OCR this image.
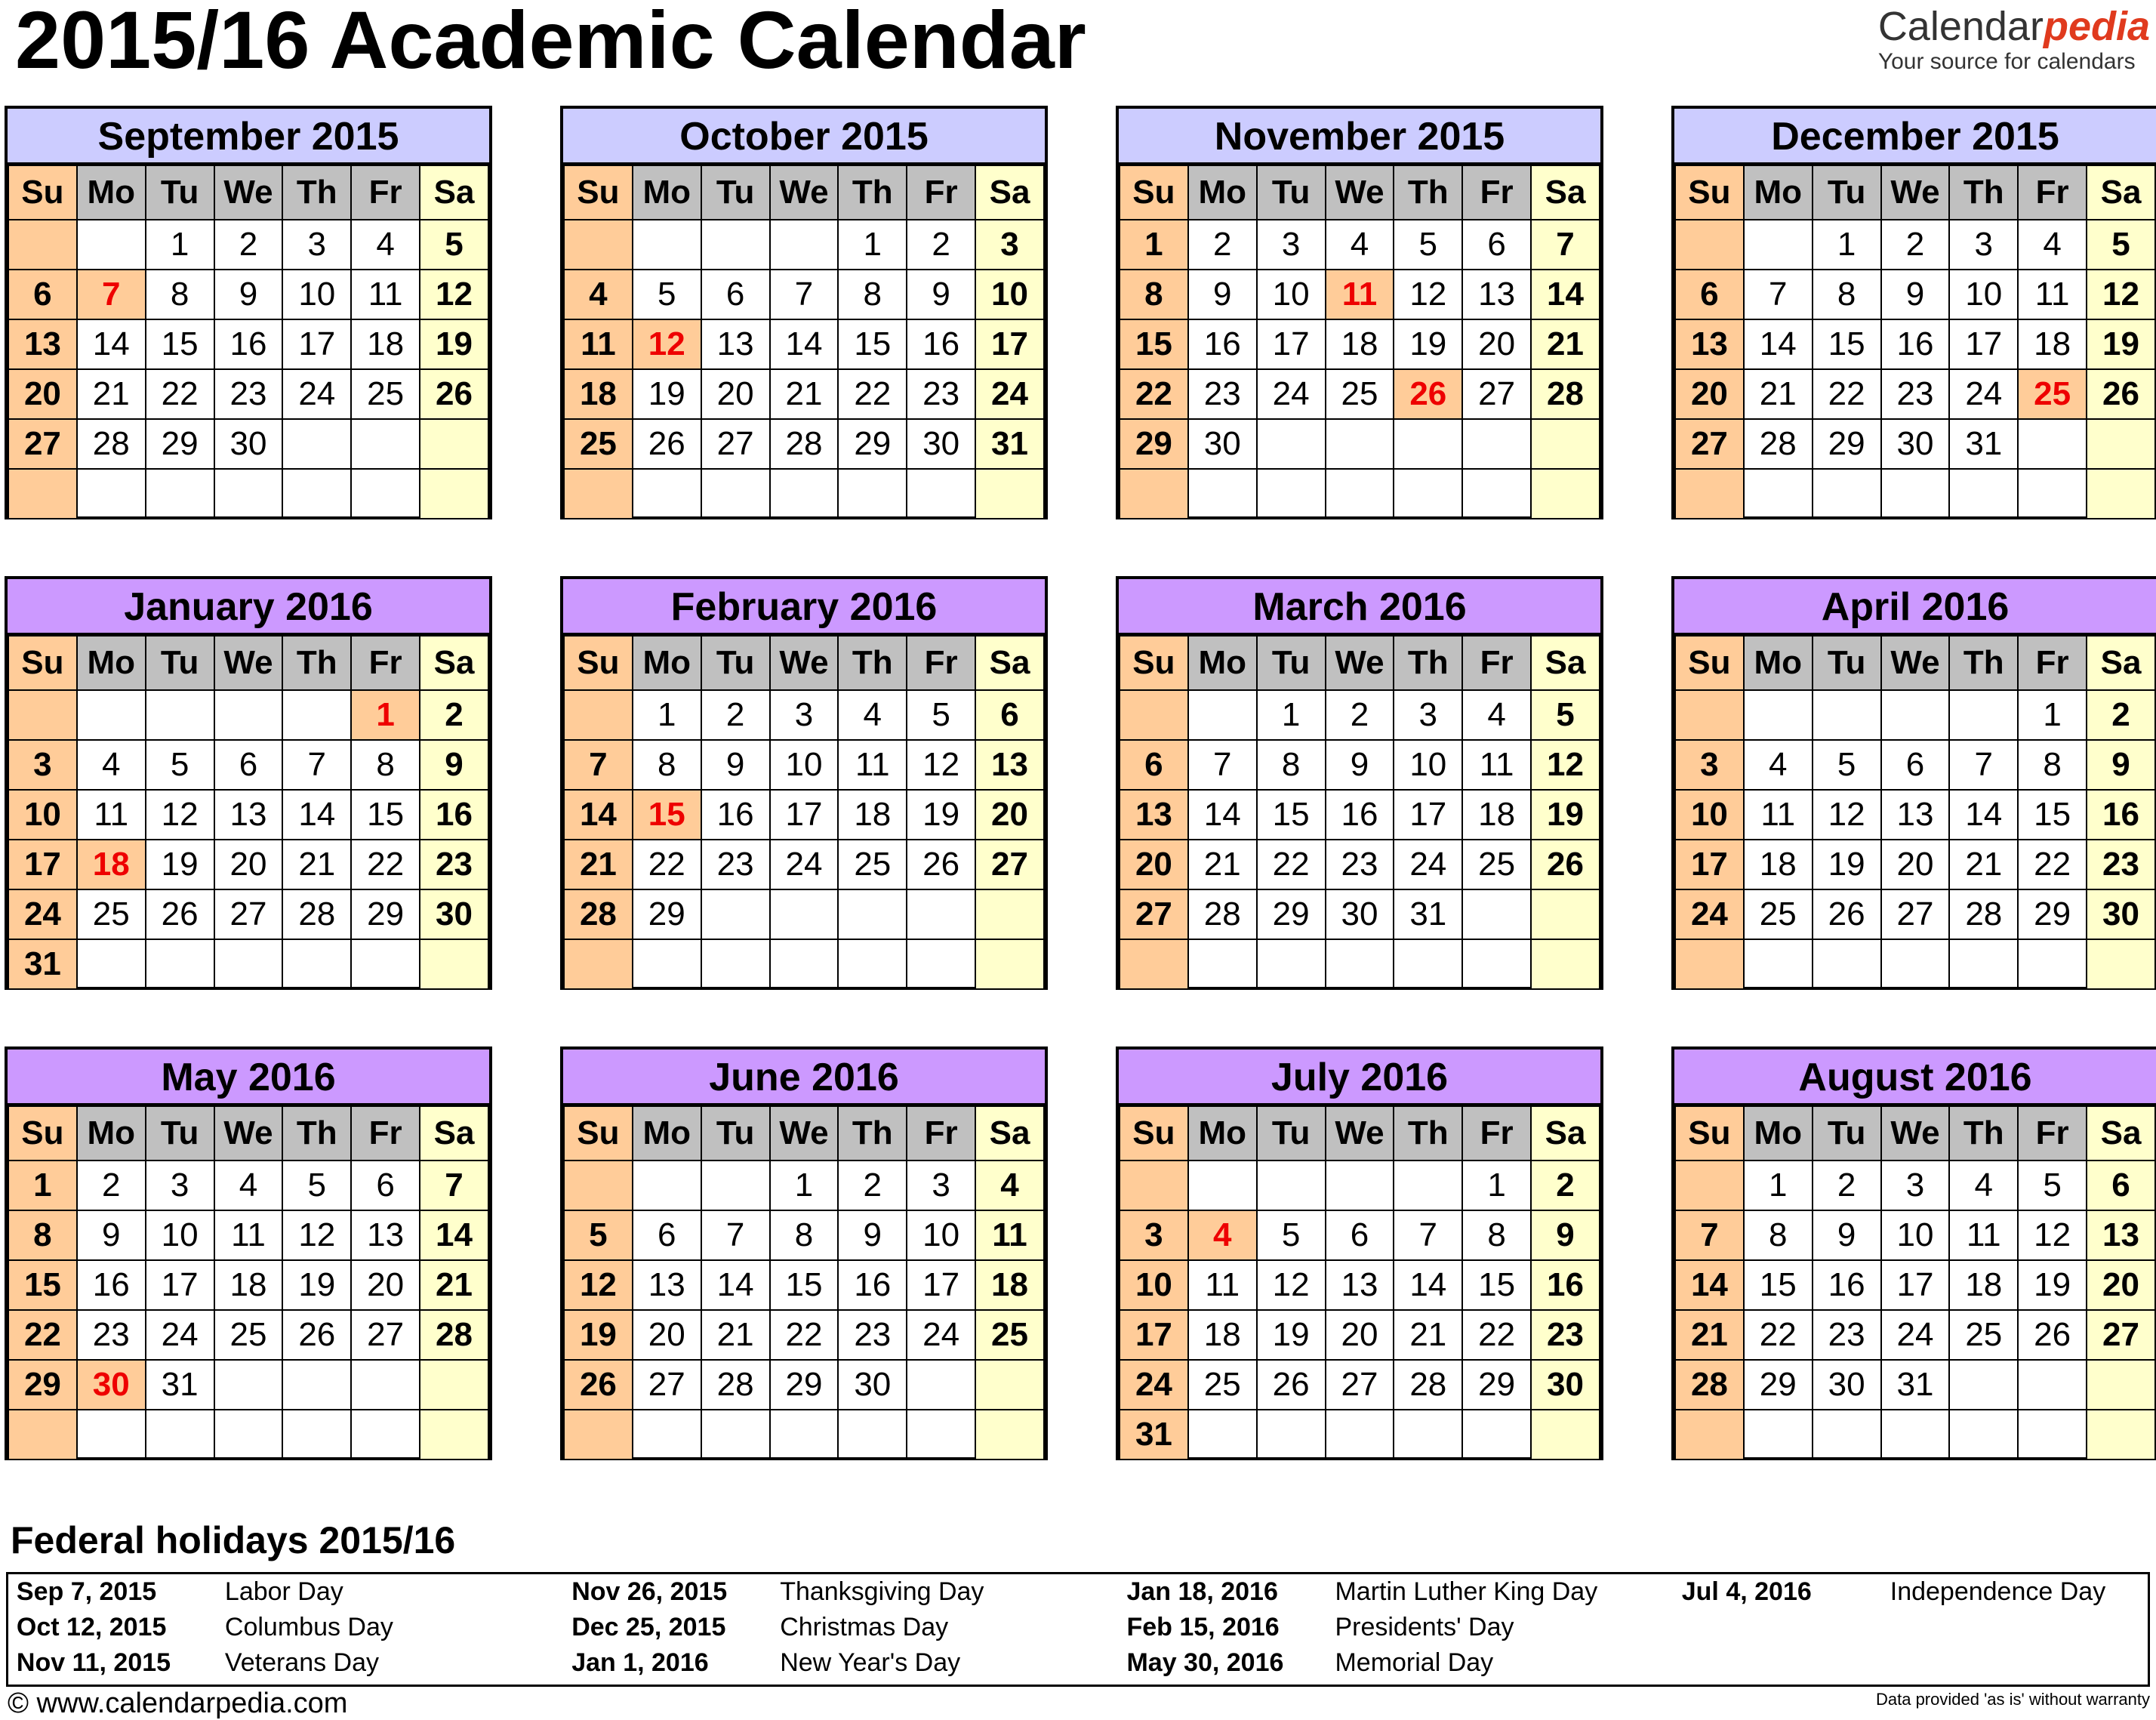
2015/16 Academic Calendar	Calendarpedia
Your source for calendars
September 2015
Su	Mo	Tu	We	Th	Fr	Sa
		1	2	3	4	5
6	7	8	9	10	11	12
13	14	15	16	17	18	19
20	21	22	23	24	25	26
27	28	29	30			

October 2015
Su	Mo	Tu	We	Th	Fr	Sa
				1	2	3
4	5	6	7	8	9	10
11	12	13	14	15	16	17
18	19	20	21	22	23	24
25	26	27	28	29	30	31

November 2015
Su	Mo	Tu	We	Th	Fr	Sa
1	2	3	4	5	6	7
8	9	10	11	12	13	14
15	16	17	18	19	20	21
22	23	24	25	26	27	28
29	30					

December 2015
Su	Mo	Tu	We	Th	Fr	Sa
		1	2	3	4	5
6	7	8	9	10	11	12
13	14	15	16	17	18	19
20	21	22	23	24	25	26
27	28	29	30	31		

January 2016
Su	Mo	Tu	We	Th	Fr	Sa
					1	2
3	4	5	6	7	8	9
10	11	12	13	14	15	16
17	18	19	20	21	22	23
24	25	26	27	28	29	30
31						
February 2016
Su	Mo	Tu	We	Th	Fr	Sa
	1	2	3	4	5	6
7	8	9	10	11	12	13
14	15	16	17	18	19	20
21	22	23	24	25	26	27
28	29					

March 2016
Su	Mo	Tu	We	Th	Fr	Sa
		1	2	3	4	5
6	7	8	9	10	11	12
13	14	15	16	17	18	19
20	21	22	23	24	25	26
27	28	29	30	31		

April 2016
Su	Mo	Tu	We	Th	Fr	Sa
					1	2
3	4	5	6	7	8	9
10	11	12	13	14	15	16
17	18	19	20	21	22	23
24	25	26	27	28	29	30

May 2016
Su	Mo	Tu	We	Th	Fr	Sa
1	2	3	4	5	6	7
8	9	10	11	12	13	14
15	16	17	18	19	20	21
22	23	24	25	26	27	28
29	30	31				

June 2016
Su	Mo	Tu	We	Th	Fr	Sa
			1	2	3	4
5	6	7	8	9	10	11
12	13	14	15	16	17	18
19	20	21	22	23	24	25
26	27	28	29	30		

July 2016
Su	Mo	Tu	We	Th	Fr	Sa
					1	2
3	4	5	6	7	8	9
10	11	12	13	14	15	16
17	18	19	20	21	22	23
24	25	26	27	28	29	30
31						
August 2016
Su	Mo	Tu	We	Th	Fr	Sa
	1	2	3	4	5	6
7	8	9	10	11	12	13
14	15	16	17	18	19	20
21	22	23	24	25	26	27
28	29	30	31			

Federal holidays 2015/16
Sep 7, 2015	Labor Day
Oct 12, 2015 Columbus Day
Nov 11, 2015 Veterans Day
Nov 26, 2015 Thanksgiving Day
Dec 25, 2015 Christmas Day
Jan 1, 2016	New Year's Day
Jan 18, 2016 Martin Luther King Day
Feb 15, 2016 Presidents' Day
May 30, 2016 Memorial Day
Jul 4, 2016	Independence Day
© www.calendarpedia.com	Data provided 'as is' without warranty
